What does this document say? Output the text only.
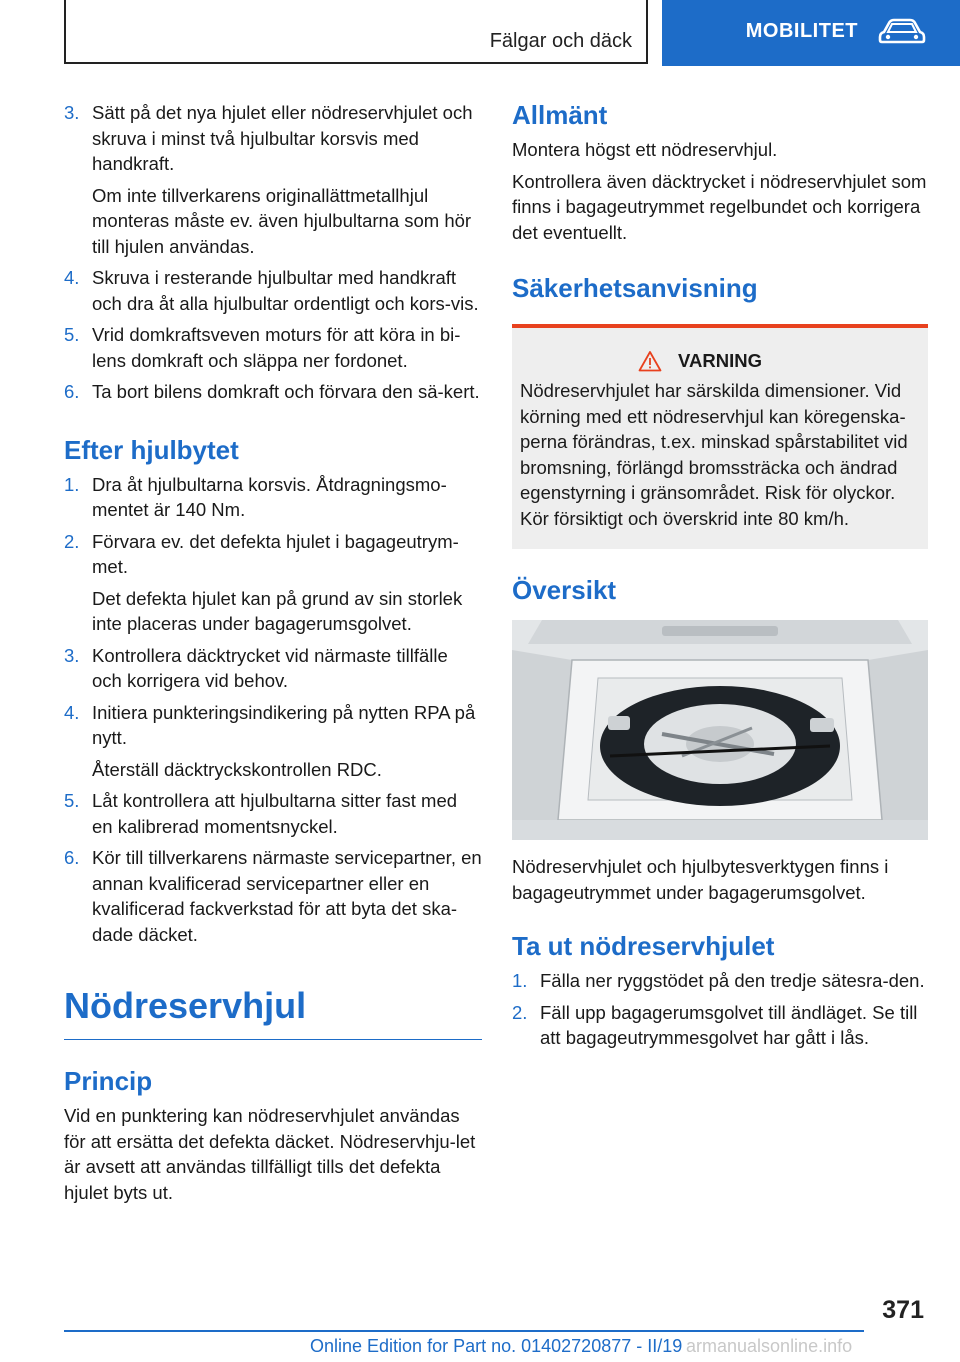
Fälgar och däck	MOBILITET
3. Sätt på det nya hjulet eller nödreservhjulet och skruva i minst två hjulbultar korsvis med handkraft.

Om inte tillverkarens originallättmetallhjul monteras måste ev. även hjulbultarna som hör till hjulen användas.

4. Skruva i resterande hjulbultar med handkraft och dra åt alla hjulbultar ordentligt och kors-vis.

5. Vrid domkraftsveven moturs för att köra in bi-lens domkraft och släppa ner fordonet.

6. Ta bort bilens domkraft och förvara den sä-kert.

Efter hjulbytet
1. Dra åt hjulbultarna korsvis. Åtdragningsmo-mentet är 140 Nm.

2. Förvara ev. det defekta hjulet i bagageutrym-met.

Det defekta hjulet kan på grund av sin storlek inte placeras under bagagerumsgolvet.

3. Kontrollera däcktrycket vid närmaste tillfälle och korrigera vid behov.

4. Initiera punkteringsindikering på nytten RPA på nytt.

Återställ däcktryckskontrollen RDC.

5. Låt kontrollera att hjulbultarna sitter fast med en kalibrerad momentsnyckel.

6. Kör till tillverkarens närmaste servicepartner, en annan kvalificerad servicepartner eller en kvalificerad fackverkstad för att byta det ska-dade däcket.

Nödreservhjul
Princip
Vid en punktering kan nödreservhjulet användas för att ersätta det defekta däcket. Nödreservhju-let är avsett att användas tillfälligt tills det defekta hjulet byts ut.
Allmänt
Montera högst ett nödreservhjul.
Kontrollera även däcktrycket i nödreservhjulet som finns i bagageutrymmet regelbundet och korrigera det eventuellt.
Säkerhetsanvisning
VARNING
Nödreservhjulet har särskilda dimensioner. Vid körning med ett nödreservhjul kan köregenska-perna förändras, t.ex. minskad spårstabilitet vid bromsning, förlängd bromssträcka och ändrad egenstyrning i gränsområdet. Risk för olyckor. Kör försiktigt och överskrid inte 80 km/h.
Översikt
Nödreservhjulet och hjulbytesverktygen finns i bagageutrymmet under bagagerumsgolvet.
Ta ut nödreservhjulet
1. Fälla ner ryggstödet på den tredje sätesra-den.

2. Fäll upp bagagerumsgolvet till ändläget. Se till att bagageutrymmesgolvet har gått i lås.

371
Online Edition for Part no. 01402720877 - II/19 armanualsonline.info
